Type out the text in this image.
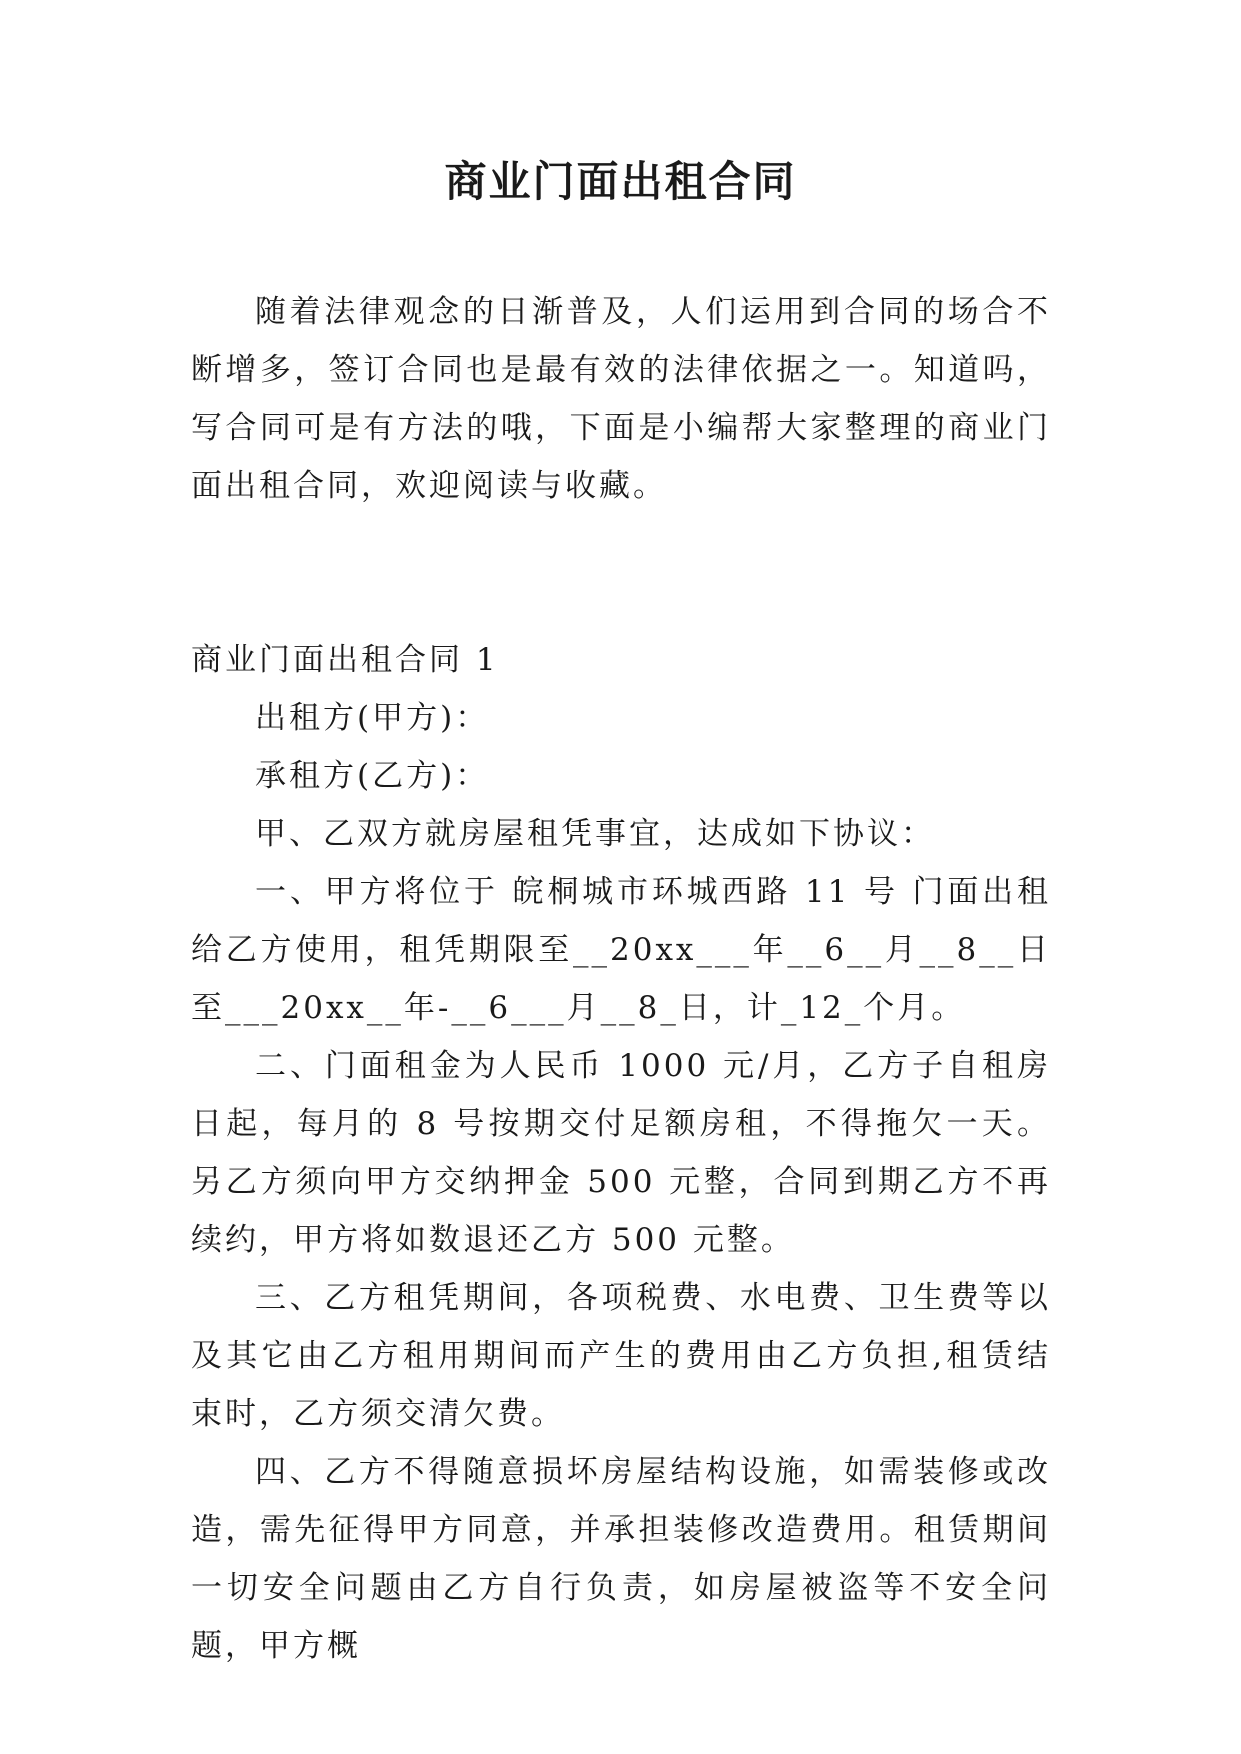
商业门面出租合同

随着法律观念的日渐普及，人们运用到合同的场合不断增多，签订合同也是最有效的法律依据之一。知道吗，写合同可是有方法的哦，下面是小编帮大家整理的商业门面出租合同，欢迎阅读与收藏。

商业门面出租合同 1

出租方(甲方)：

承租方(乙方)：

甲、乙双方就房屋租凭事宜，达成如下协议：

一、甲方将位于 皖桐城市环城西路 11 号 门面出租给乙方使用，租凭期限至__20xx___年__6__月__8__日至___20xx__年-__6___月__8_日，计_12_个月。

二、门面租金为人民币 1000 元/月，乙方子自租房日起，每月的 8 号按期交付足额房租，不得拖欠一天。另乙方须向甲方交纳押金 500 元整，合同到期乙方不再续约，甲方将如数退还乙方 500 元整。

三、乙方租凭期间，各项税费、水电费、卫生费等以及其它由乙方租用期间而产生的费用由乙方负担,租赁结束时，乙方须交清欠费。

四、乙方不得随意损坏房屋结构设施，如需装修或改造，需先征得甲方同意，并承担装修改造费用。租赁期间一切安全问题由乙方自行负责，如房屋被盗等不安全问题，甲方概
